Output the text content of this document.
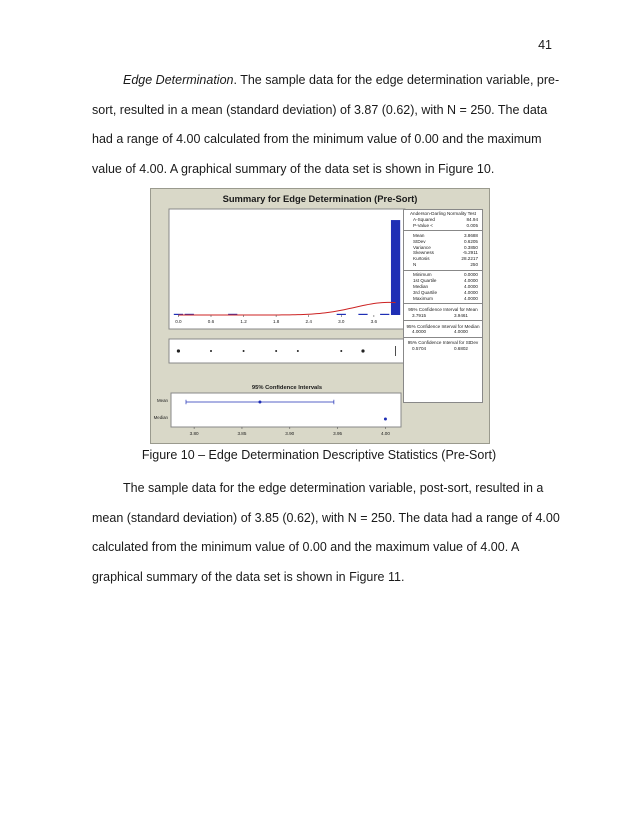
41

Edge Determination. The sample data for the edge determination variable, pre-sort, resulted in a mean (standard deviation) of 3.87 (0.62), with N = 250. The data had a range of 4.00 calculated from the minimum value of 0.00 and the maximum value of 4.00. A graphical summary of the data set is shown in Figure 10.

Summary for Edge Determination (Pre-Sort)
0.0	0.6	1.2	1.8	2.4	3.0	3.6
95% Confidence Intervals
Mean
Median
3.80	3.85	3.90	3.95	4.00
Anderson-Darling Normality Test
A-Squared	84.94
P-Value <	0.005
Mean	3.8688
StDev	0.6205
Variance	0.3850
Skewness	-5.2911
Kurtosis	28.2217
N	250
Minimum	0.0000
1st Quartile	4.0000
Median	4.0000
3rd Quartile	4.0000
Maximum	4.0000
95% Confidence Interval for Mean
3.7915	3.9461
95% Confidence Interval for Median
4.0000	4.0000
95% Confidence Interval for StDev
0.5704	0.6802
Figure 10 – Edge Determination Descriptive Statistics (Pre-Sort)

The sample data for the edge determination variable, post-sort, resulted in a mean (standard deviation) of 3.85 (0.62), with N = 250. The data had a range of 4.00 calculated from the minimum value of 0.00 and the maximum value of 4.00. A graphical summary of the data set is shown in Figure 11.
